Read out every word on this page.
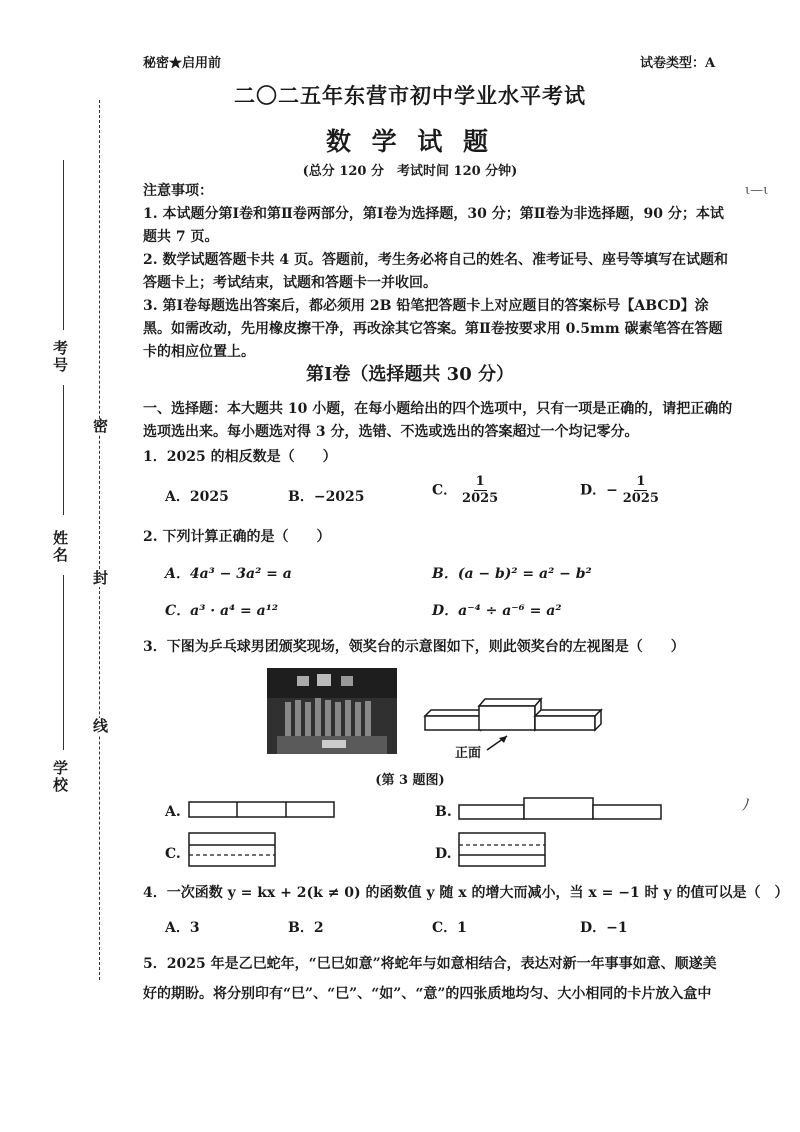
考号
姓名
学校
密
封
线
秘密★启用前	试卷类型：A
二〇二五年东营市初中学业水平考试
数 学 试 题
(总分 120 分　考试时间 120 分钟)
ι—ι
注意事项：
1. 本试题分第Ⅰ卷和第Ⅱ卷两部分，第Ⅰ卷为选择题，30 分；第Ⅱ卷为非选择题，90 分；本试题共 7 页。
2. 数学试题答题卡共 4 页。答题前，考生务必将自己的姓名、准考证号、座号等填写在试题和答题卡上；考试结束，试题和答题卡一并收回。
3. 第Ⅰ卷每题选出答案后，都必须用 2B 铅笔把答题卡上对应题目的答案标号【ABCD】涂黑。如需改动，先用橡皮擦干净，再改涂其它答案。第Ⅱ卷按要求用 0.5mm 碳素笔答在答题卡的相应位置上。
第Ⅰ卷（选择题共 30 分）
一、选择题：本大题共 10 小题，在每小题给出的四个选项中，只有一项是正确的，请把正确的选项选出来。每小题选对得 3 分，选错、不选或选出的答案超过一个均记零分。
1．2025 的相反数是（　　）
A．2025	B．−2025	C． $\frac{1}{2025}$	D．− $\frac{1}{2025}$
2. 下列计算正确的是（　　）
A．4a³ − 3a² = a	B．(a − b)² = a² − b²
C．a³ · a⁴ = a¹²	D．a⁻⁴ ÷ a⁻⁶ = a²
3．下图为乒乓球男团颁奖现场，领奖台的示意图如下，则此领奖台的左视图是（　　）
正面
(第 3 题图)
A.	B.
C.	D.
ﾉ
4．一次函数 y = kx + 2(k ≠ 0) 的函数值 y 随 x 的增大而减小，当 x = −1 时 y 的值可以是（　）
A．3	B．2	C．1	D．−1
5．2025 年是乙巳蛇年，“巳巳如意”将蛇年与如意相结合，表达对新一年事事如意、顺遂美
好的期盼。将分别印有“巳”、“巳”、“如”、“意”的四张质地均匀、大小相同的卡片放入盒中
